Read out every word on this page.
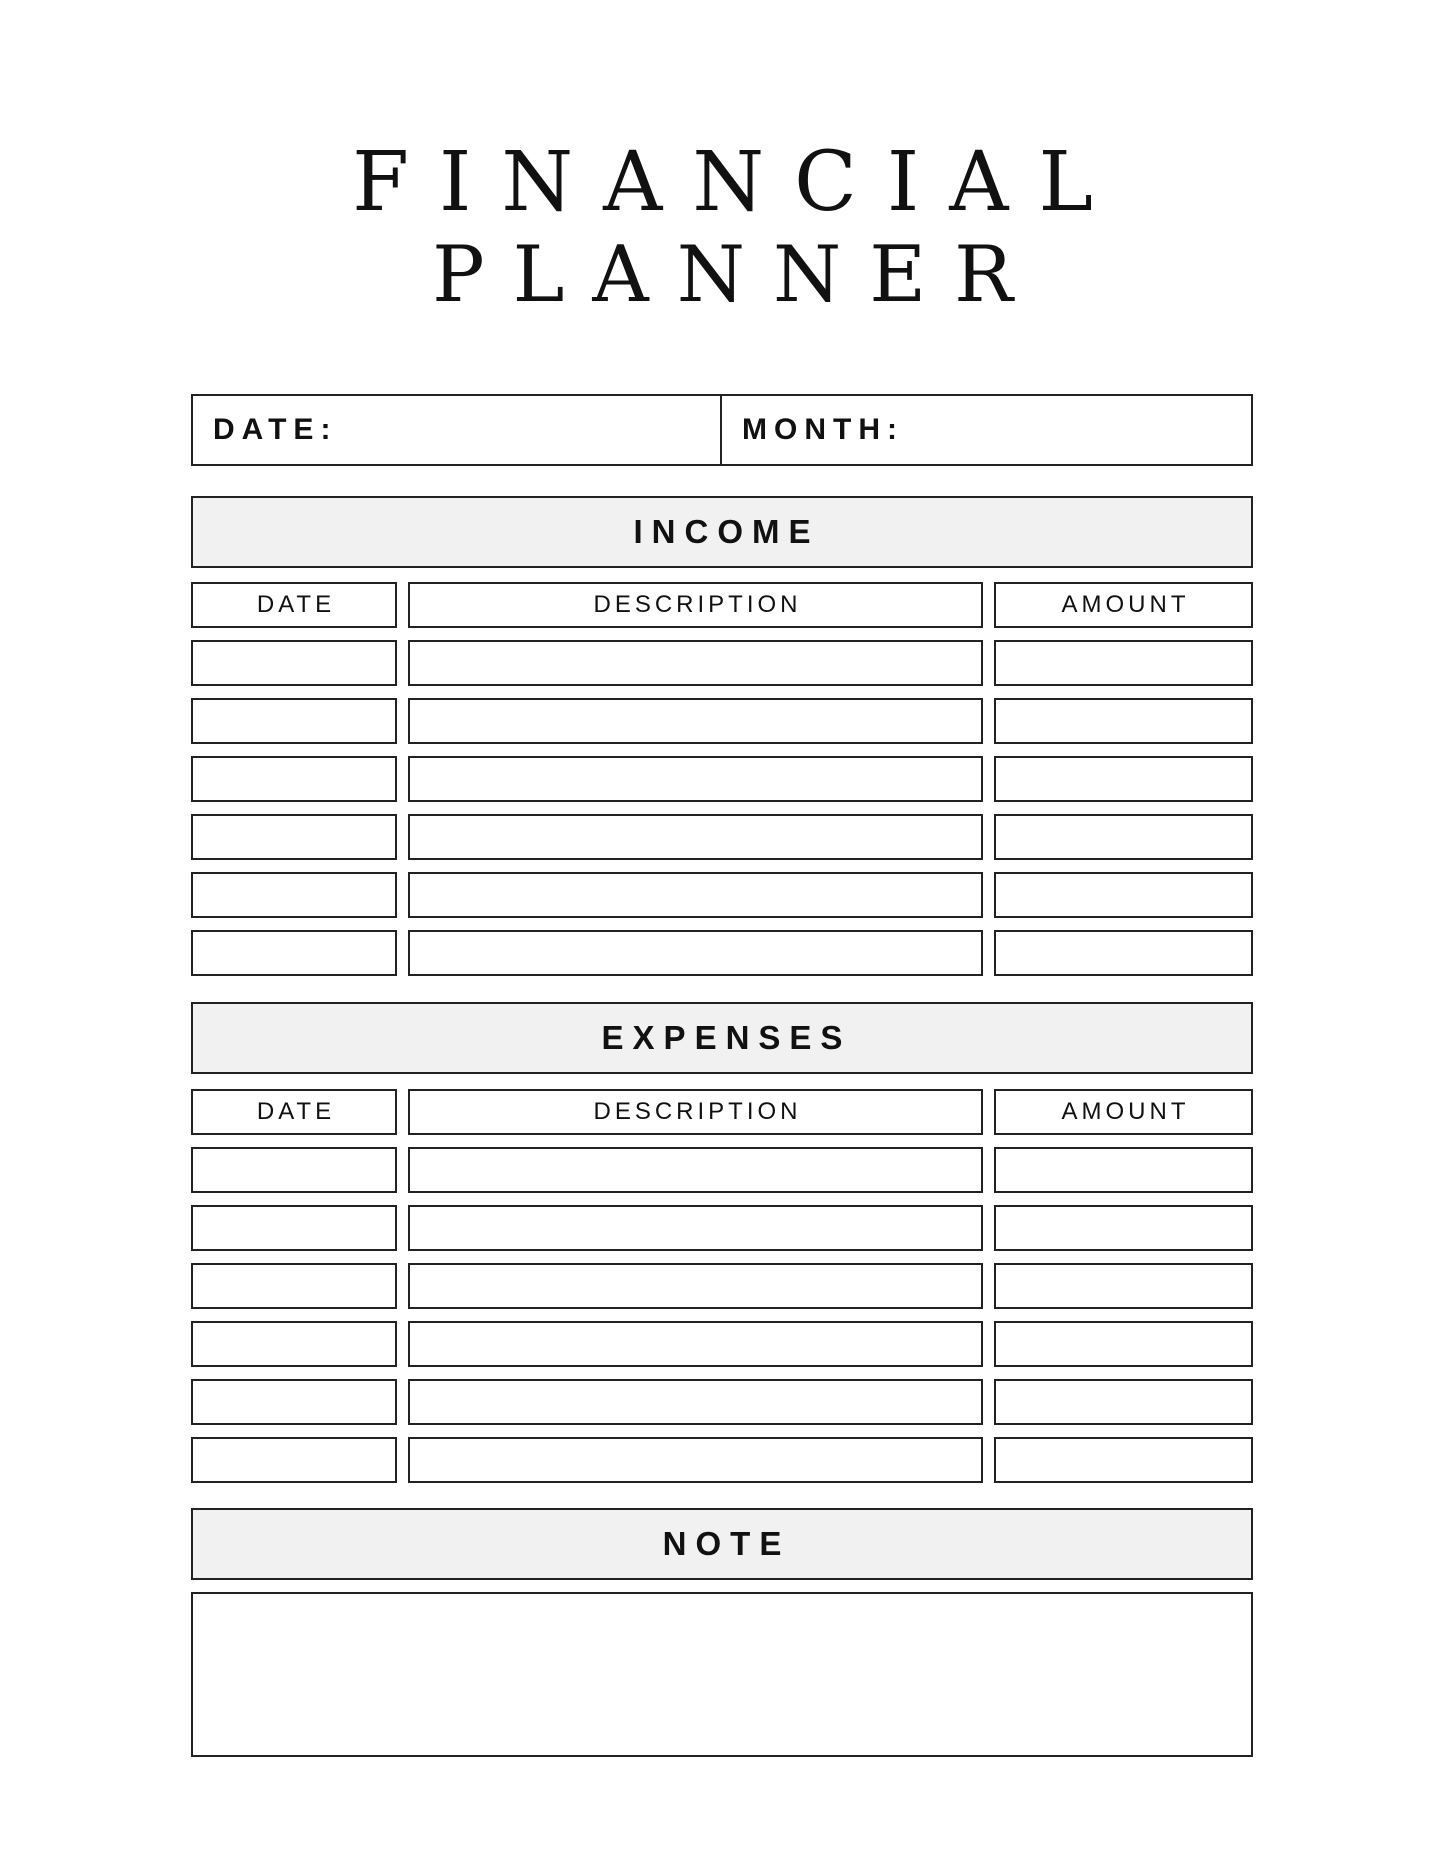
FINANCIAL
PLANNER
DATE:	MONTH:
INCOME
DATE	DESCRIPTION	AMOUNT
EXPENSES
DATE	DESCRIPTION	AMOUNT
NOTE
